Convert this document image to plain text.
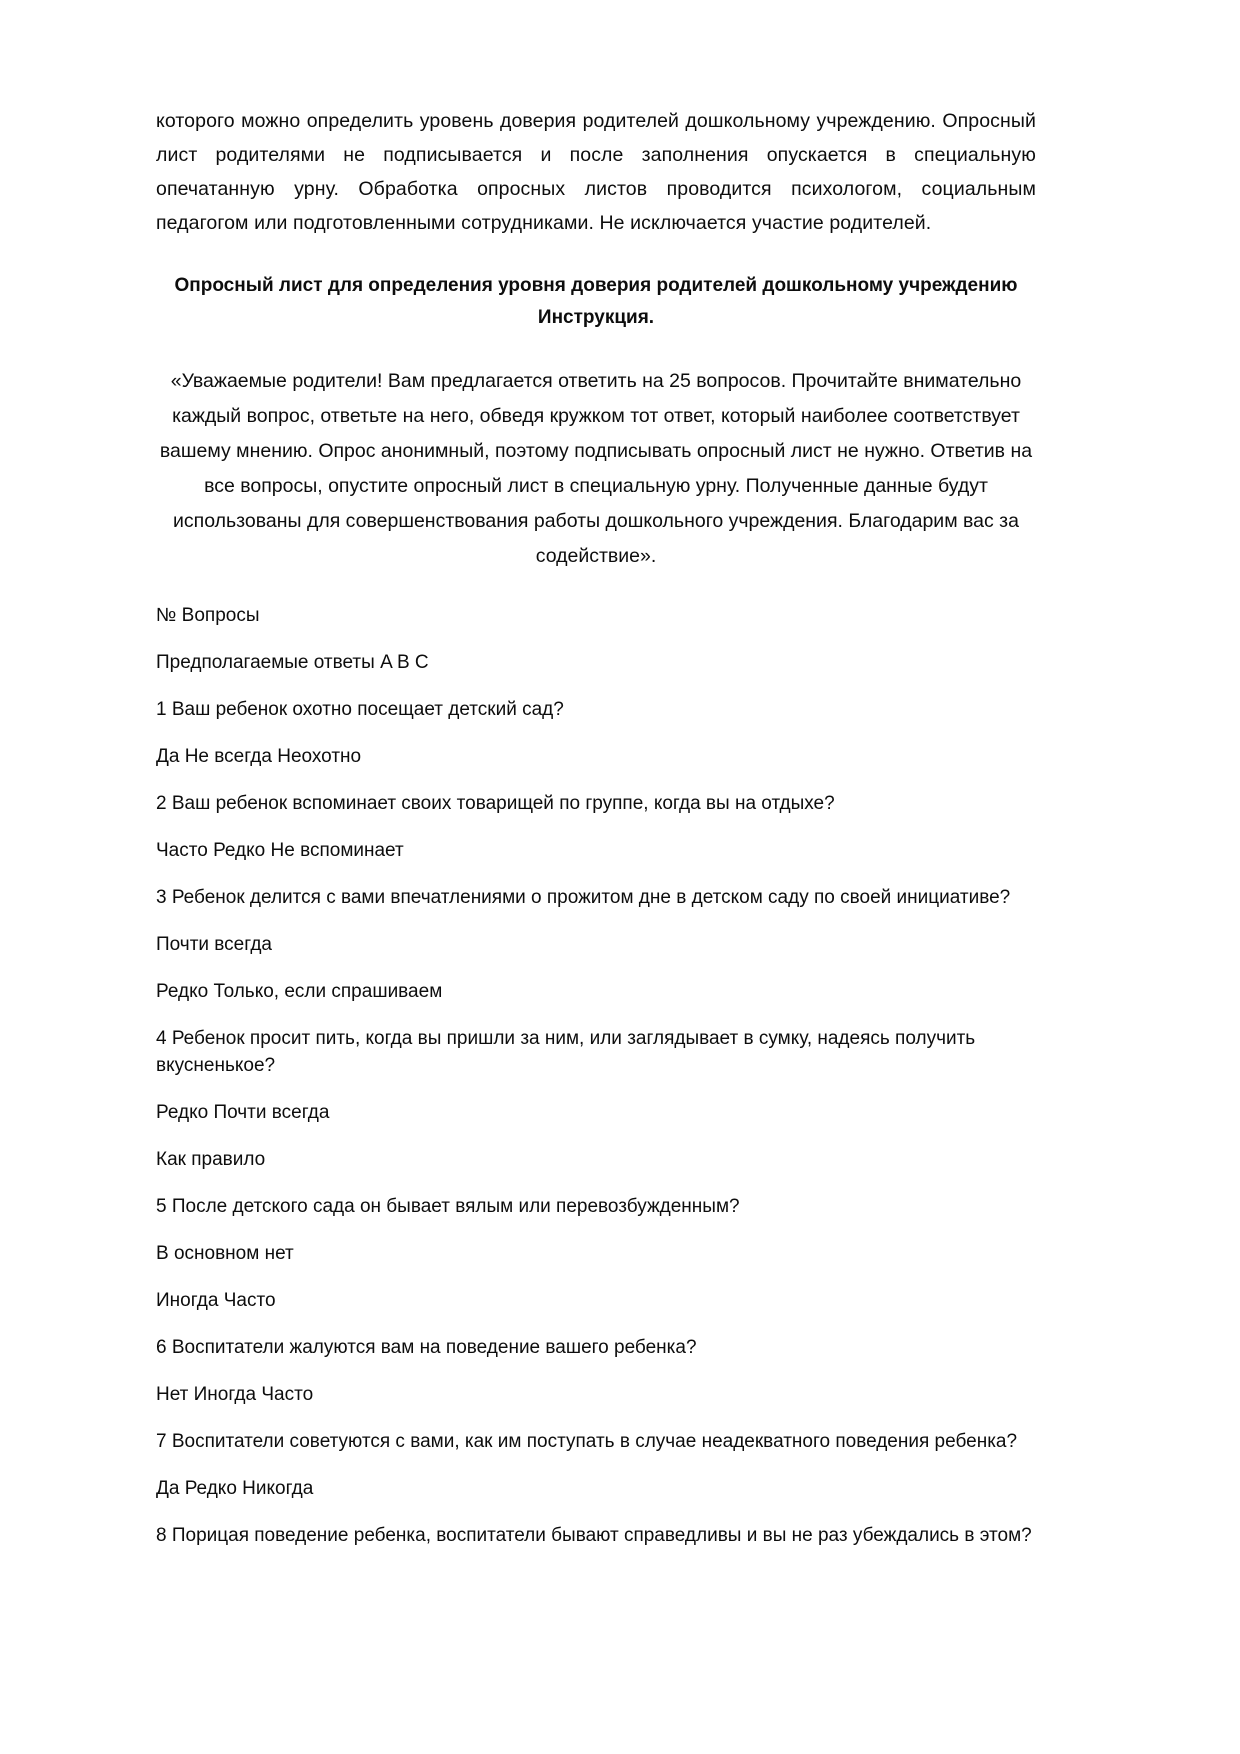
которого можно определить уровень доверия родителей дошкольному учреждению. Опросный лист родителями не подписывается и после заполнения опускается в специальную опечатанную урну. Обработка опросных листов проводится психологом, социальным педагогом или подготовленными сотрудниками. Не исключается участие родителей.

Опросный лист для определения уровня доверия родителей дошкольному учреждению
Инструкция.

«Уважаемые родители! Вам предлагается ответить на 25 вопросов. Прочитайте внимательно каждый вопрос, ответьте на него, обведя кружком тот ответ, который наиболее соответствует вашему мнению. Опрос анонимный, поэтому подписывать опросный лист не нужно. Ответив на все вопросы, опустите опросный лист в специальную урну. Полученные данные будут использованы для совершенствования работы дошкольного учреждения. Благодарим вас за содействие».

№ Вопросы

Предполагаемые ответы A B C

1 Ваш ребенок охотно посещает детский сад?

Да Не всегда Неохотно

2 Ваш ребенок вспоминает своих товарищей по группе, когда вы на отдыхе?

Часто Редко Не вспоминает

3 Ребенок делится с вами впечатлениями о прожитом дне в детском саду по своей инициативе?

Почти всегда

Редко Только, если спрашиваем

4 Ребенок просит пить, когда вы пришли за ним, или заглядывает в сумку, надеясь получить вкусненькое?

Редко Почти всегда

Как правило

5 После детского сада он бывает вялым или перевозбужденным?

В основном нет

Иногда Часто

6 Воспитатели жалуются вам на поведение вашего ребенка?

Нет Иногда Часто

7 Воспитатели советуются с вами, как им поступать в случае неадекватного поведения ребенка?

Да Редко Никогда

8 Порицая поведение ребенка, воспитатели бывают справедливы и вы не раз убеждались в этом?
